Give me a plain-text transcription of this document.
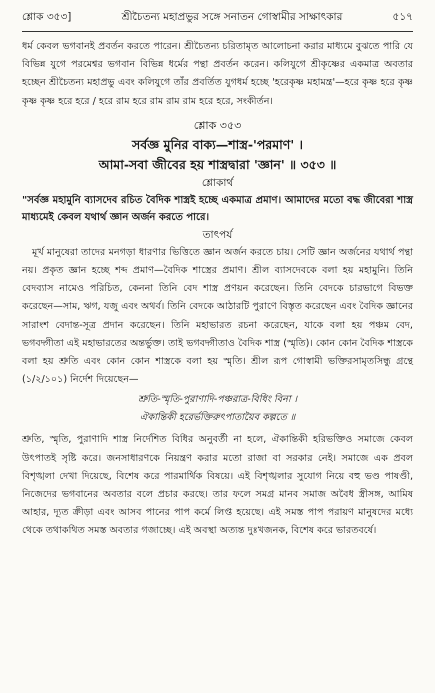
শ্লোক ৩৫৩]	শ্রীচৈতন্য মহাপ্রভুর সঙ্গে সনাতন গোস্বামীর সাক্ষাৎকার	৫১৭

ধর্ম কেবল ভগবানই প্রবর্তন করতে পারেন। শ্রীচৈতন্য চরিতামৃত আলোচনা করার মাধ্যমে বুঝতে পারি যে বিভিন্ন যুগে পরমেশ্বর ভগবান বিভিন্ন ধর্মের পন্থা প্রবর্তন করেন। কলিযুগে শ্রীকৃষ্ণের একমাত্র অবতার হচ্ছেন শ্রীচৈতন্য মহাপ্রভু এবং কলিযুগে তাঁর প্রবর্তিত যুগধর্ম হচ্ছে 'হরেকৃষ্ণ মহামন্ত্র'—হরে কৃষ্ণ হরে কৃষ্ণ কৃষ্ণ কৃষ্ণ হরে হরে / হরে রাম হরে রাম রাম রাম হরে হরে, সংকীর্তন।

শ্লোক ৩৫৩

সর্বজ্ঞ মুনির বাক্য—শাস্ত্র-'পরমাণ' ।

আমা-সবা জীবের হয় শাস্ত্রদ্বারা 'জ্ঞান' ॥ ৩৫৩ ॥

শ্লোকার্থ

"সর্বজ্ঞ মহামুনি ব্যাসদেব রচিত বৈদিক শাস্ত্রই হচ্ছে একমাত্র প্রমাণ। আমাদের মতো বদ্ধ জীবেরা শাস্ত্র মাধ্যমেই কেবল যথার্থ জ্ঞান অর্জন করতে পারে।

তাৎপর্য

মূর্খ মানুষেরা তাদের মনগড়া ধারণার ভিত্তিতে জ্ঞান অর্জন করতে চায়। সেটি জ্ঞান অর্জনের যথার্থ পন্থা নয়। প্রকৃত জ্ঞান হচ্ছে শব্দ প্রমাণ—বৈদিক শাস্ত্রের প্রমাণ। শ্রীল ব্যাসদেবকে বলা হয় মহামুনি। তিনি বেদব্যাস নামেও পরিচিত, কেননা তিনি বেদ শাস্ত্র প্রণয়ন করেছেন। তিনি বেদকে চারভাগে বিভক্ত করেছেন—সাম, ঋগ, যজু এবং অথর্ব। তিনি বেদকে আঠারটি পুরাণে বিস্তৃত করেছেন এবং বৈদিক জ্ঞানের সারাংশ বেদান্ত-সূত্র প্রদান করেছেন। তিনি মহাভারত রচনা করেছেন, যাকে বলা হয় পঞ্চম বেদ, ভগবদ্গীতা এই মহাভারতের অন্তর্ভুক্ত। তাই ভগবদ্গীতাও বৈদিক শাস্ত্র (স্মৃতি)। কোন কোন বৈদিক শাস্ত্রকে বলা হয় শ্রুতি এবং কোন কোন শাস্ত্রকে বলা হয় স্মৃতি। শ্রীল রূপ গোস্বামী ভক্তিরসামৃতসিন্ধু গ্রন্থে (১/২/১০১) নির্দেশ দিয়েছেন—

শ্রুতি-স্মৃতি-পুরাণাদি-পঞ্চরাত্র-বিধিং বিনা ।
ঐকান্তিকী হরের্ভক্তিরুৎপাতায়ৈব কল্পতে ॥

শ্রুতি, স্মৃতি, পুরাণাদি শাস্ত্র নির্দেশিত বিধির অনুবর্তী না হলে, ঐকান্তিকী হরিভক্তিও সমাজে কেবল উৎপাতই সৃষ্টি করে। জনসাধারণকে নিয়ন্ত্রণ করার মতো রাজা বা সরকার নেই। সমাজে এক প্রবল বিশৃঙ্খলা দেখা দিয়েছে, বিশেষ করে পারমার্থিক বিষয়ে। এই বিশৃঙ্খলার সুযোগ নিয়ে বহু ভণ্ড পাষণ্ডী, নিজেদের ভগবানের অবতার বলে প্রচার করছে। তার ফলে সমগ্র মানব সমাজ অবৈধ স্ত্রীসঙ্গ, আমিষ আহার, দ্যূত ক্রীড়া এবং আসব পানের পাপ কর্মে লিপ্ত হয়েছে। এই সমস্ত পাপ পরায়ণ মানুষদের মধ্যে থেকে তথাকথিত সমস্ত অবতার গজাচ্ছে। এই অবস্থা অত্যন্ত দুঃখজনক, বিশেষ করে ভারতবর্ষে।
